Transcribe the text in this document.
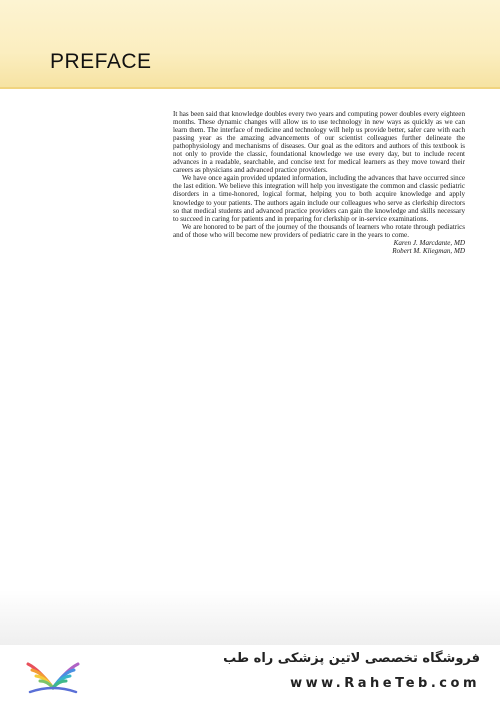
PREFACE

It has been said that knowledge doubles every two years and computing power doubles every eighteen months. These dynamic changes will allow us to use technology in new ways as quickly as we can learn them. The interface of medicine and technology will help us provide better, safer care with each passing year as the amazing advancements of our scientist colleagues further delineate the pathophysiology and mechanisms of diseases. Our goal as the editors and authors of this textbook is not only to provide the classic, foundational knowledge we use every day, but to include recent advances in a readable, searchable, and concise text for medical learners as they move toward their careers as physicians and advanced practice providers.

We have once again provided updated information, including the advances that have occurred since the last edition. We believe this integration will help you investigate the common and classic pediatric disorders in a time-honored, logical format, helping you to both acquire knowledge and apply knowledge to your patients. The authors again include our colleagues who serve as clerkship directors so that medical students and advanced practice providers can gain the knowledge and skills necessary to succeed in caring for patients and in preparing for clerkship or in-service examinations.

We are honored to be part of the journey of the thousands of learners who rotate through pediatrics and of those who will become new providers of pediatric care in the years to come.

Karen J. Marcdante, MD

Robert M. Kliegman, MD

فروشگاه تخصصی لاتین پزشکی راه طب
www.RaheTeb.com
